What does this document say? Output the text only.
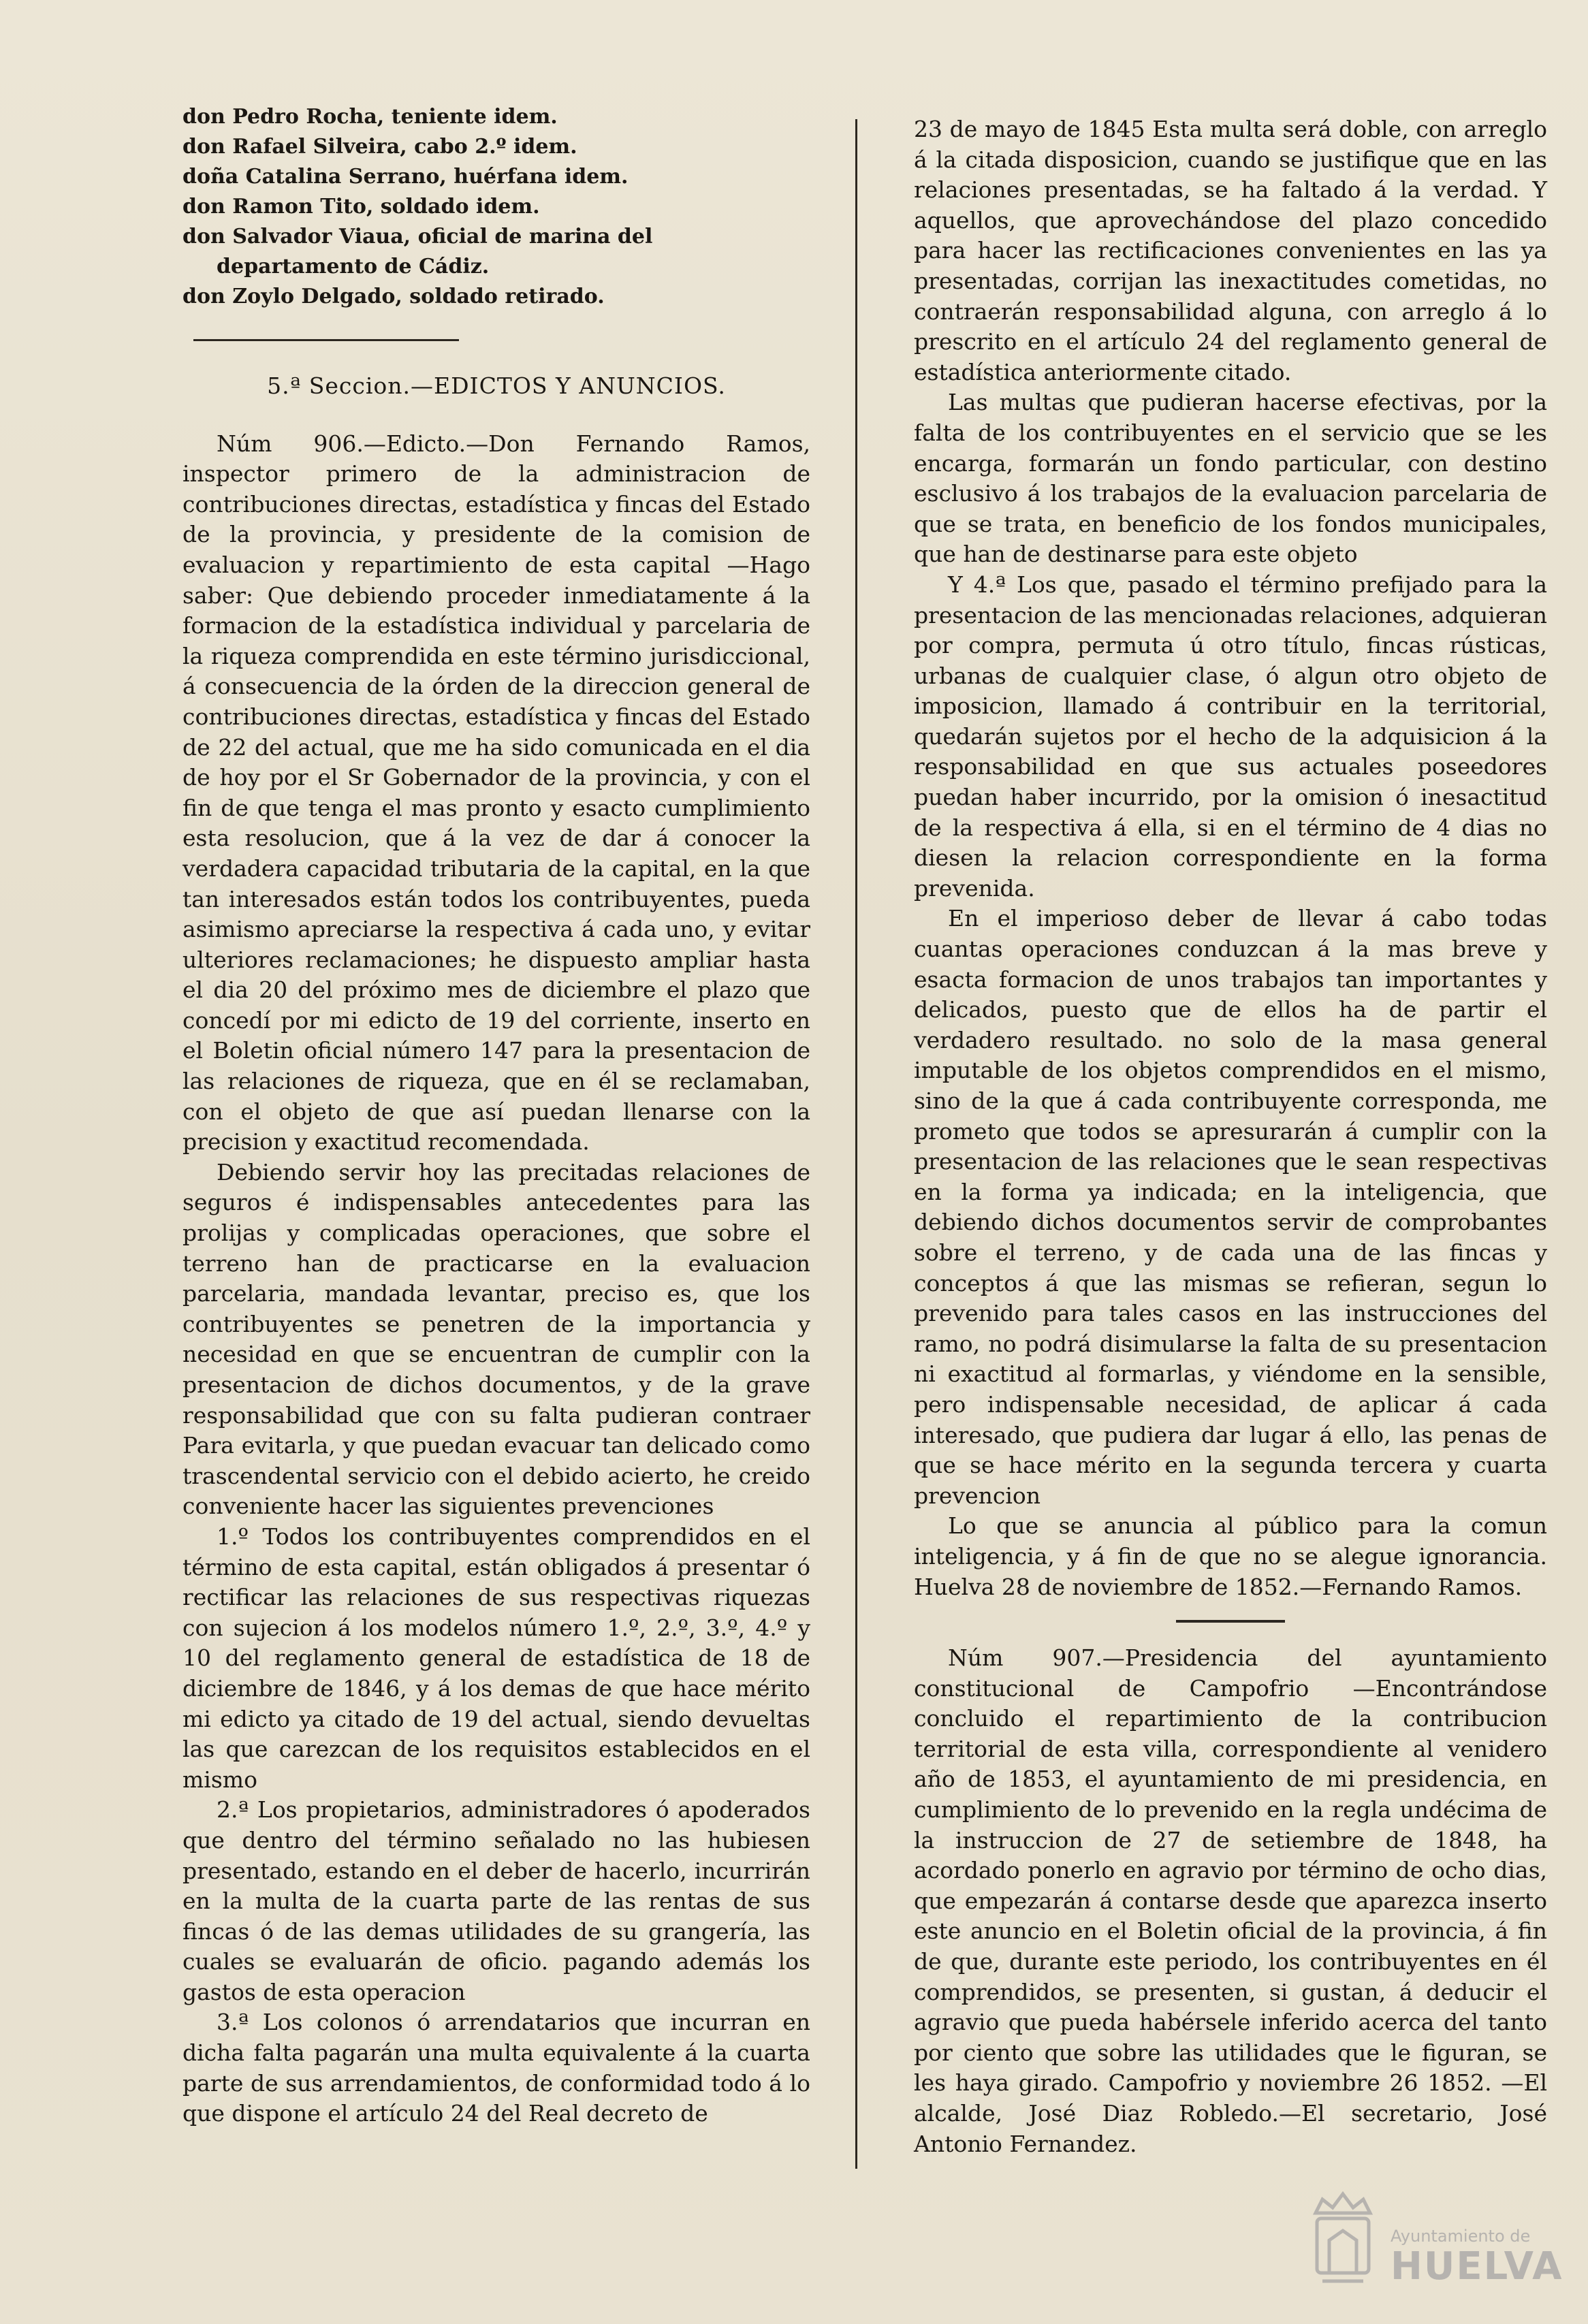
don Pedro Rocha, teniente idem.

don Rafael Silveira, cabo 2.º idem.

doña Catalina Serrano, huérfana idem.

don Ramon Tito, soldado idem.

don Salvador Viaua, oficial de marina del departamento de Cádiz.

don Zoylo Delgado, soldado retirado.

5.ª Seccion.—EDICTOS Y ANUNCIOS.

Núm 906.—Edicto.—Don Fernando Ramos, inspector primero de la administracion de contribuciones directas, estadística y fincas del Estado de la provincia, y presidente de la comision de evaluacion y repartimiento de esta capital —Hago saber: Que debiendo proceder inmediatamente á la formacion de la estadística individual y parcelaria de la riqueza comprendida en este término jurisdiccional, á consecuencia de la órden de la direccion general de contribuciones directas, estadística y fincas del Estado de 22 del actual, que me ha sido comunicada en el dia de hoy por el Sr Gobernador de la provincia, y con el fin de que tenga el mas pronto y esacto cumplimiento esta resolucion, que á la vez de dar á conocer la verdadera capacidad tributaria de la capital, en la que tan interesados están todos los contribuyentes, pueda asimismo apreciarse la respectiva á cada uno, y evitar ulteriores reclamaciones; he dispuesto ampliar hasta el dia 20 del próximo mes de diciembre el plazo que concedí por mi edicto de 19 del corriente, inserto en el Boletin oficial número 147 para la presentacion de las relaciones de riqueza, que en él se reclamaban, con el objeto de que así puedan llenarse con la precision y exactitud recomendada.

Debiendo servir hoy las precitadas relaciones de seguros é indispensables antecedentes para las prolijas y complicadas operaciones, que sobre el terreno han de practicarse en la evaluacion parcelaria, mandada levantar, preciso es, que los contribuyentes se penetren de la importancia y necesidad en que se encuentran de cumplir con la presentacion de dichos documentos, y de la grave responsabilidad que con su falta pudieran contraer Para evitarla, y que puedan evacuar tan delicado como trascendental servicio con el debido acierto, he creido conveniente hacer las siguientes prevenciones

1.º Todos los contribuyentes comprendidos en el término de esta capital, están obligados á presentar ó rectificar las relaciones de sus respectivas riquezas con sujecion á los modelos número 1.º, 2.º, 3.º, 4.º y 10 del reglamento general de estadística de 18 de diciembre de 1846, y á los demas de que hace mérito mi edicto ya citado de 19 del actual, siendo devueltas las que carezcan de los requisitos establecidos en el mismo

2.ª Los propietarios, administradores ó apoderados que dentro del término señalado no las hubiesen presentado, estando en el deber de hacerlo, incurrirán en la multa de la cuarta parte de las rentas de sus fincas ó de las demas utilidades de su grangería, las cuales se evaluarán de oficio. pagando además los gastos de esta operacion

3.ª Los colonos ó arrendatarios que incurran en dicha falta pagarán una multa equivalente á la cuarta parte de sus arrendamientos, de conformidad todo á lo que dispone el artículo 24 del Real decreto de

23 de mayo de 1845 Esta multa será doble, con arreglo á la citada disposicion, cuando se justifique que en las relaciones presentadas, se ha faltado á la verdad. Y aquellos, que aprovechándose del plazo concedido para hacer las rectificaciones convenientes en las ya presentadas, corrijan las inexactitudes cometidas, no contraerán responsabilidad alguna, con arreglo á lo prescrito en el artículo 24 del reglamento general de estadística anteriormente citado.

Las multas que pudieran hacerse efectivas, por la falta de los contribuyentes en el servicio que se les encarga, formarán un fondo particular, con destino esclusivo á los trabajos de la evaluacion parcelaria de que se trata, en beneficio de los fondos municipales, que han de destinarse para este objeto

Y 4.ª Los que, pasado el término prefijado para la presentacion de las mencionadas relaciones, adquieran por compra, permuta ú otro título, fincas rústicas, urbanas de cualquier clase, ó algun otro objeto de imposicion, llamado á contribuir en la territorial, quedarán sujetos por el hecho de la adquisicion á la responsabilidad en que sus actuales poseedores puedan haber incurrido, por la omision ó inesactitud de la respectiva á ella, si en el término de 4 dias no diesen la relacion correspondiente en la forma prevenida.

En el imperioso deber de llevar á cabo todas cuantas operaciones conduzcan á la mas breve y esacta formacion de unos trabajos tan importantes y delicados, puesto que de ellos ha de partir el verdadero resultado. no solo de la masa general imputable de los objetos comprendidos en el mismo, sino de la que á cada contribuyente corresponda, me prometo que todos se apresurarán á cumplir con la presentacion de las relaciones que le sean respectivas en la forma ya indicada; en la inteligencia, que debiendo dichos documentos servir de comprobantes sobre el terreno, y de cada una de las fincas y conceptos á que las mismas se refieran, segun lo prevenido para tales casos en las instrucciones del ramo, no podrá disimularse la falta de su presentacion ni exactitud al formarlas, y viéndome en la sensible, pero indispensable necesidad, de aplicar á cada interesado, que pudiera dar lugar á ello, las penas de que se hace mérito en la segunda tercera y cuarta prevencion

Lo que se anuncia al público para la comun inteligencia, y á fin de que no se alegue ignorancia. Huelva 28 de noviembre de 1852.—Fernando Ramos.

Núm 907.—Presidencia del ayuntamiento constitucional de Campofrio —Encontrándose concluido el repartimiento de la contribucion territorial de esta villa, correspondiente al venidero año de 1853, el ayuntamiento de mi presidencia, en cumplimiento de lo prevenido en la regla undécima de la instruccion de 27 de setiembre de 1848, ha acordado ponerlo en agravio por término de ocho dias, que empezarán á contarse desde que aparezca inserto este anuncio en el Boletin oficial de la provincia, á fin de que, durante este periodo, los contribuyentes en él comprendidos, se presenten, si gustan, á deducir el agravio que pueda habérsele inferido acerca del tanto por ciento que sobre las utilidades que le figuran, se les haya girado. Campofrio y noviembre 26 1852. —El alcalde, José Diaz Robledo.—El secretario, José Antonio Fernandez.

Ayuntamiento de
HUELVA
